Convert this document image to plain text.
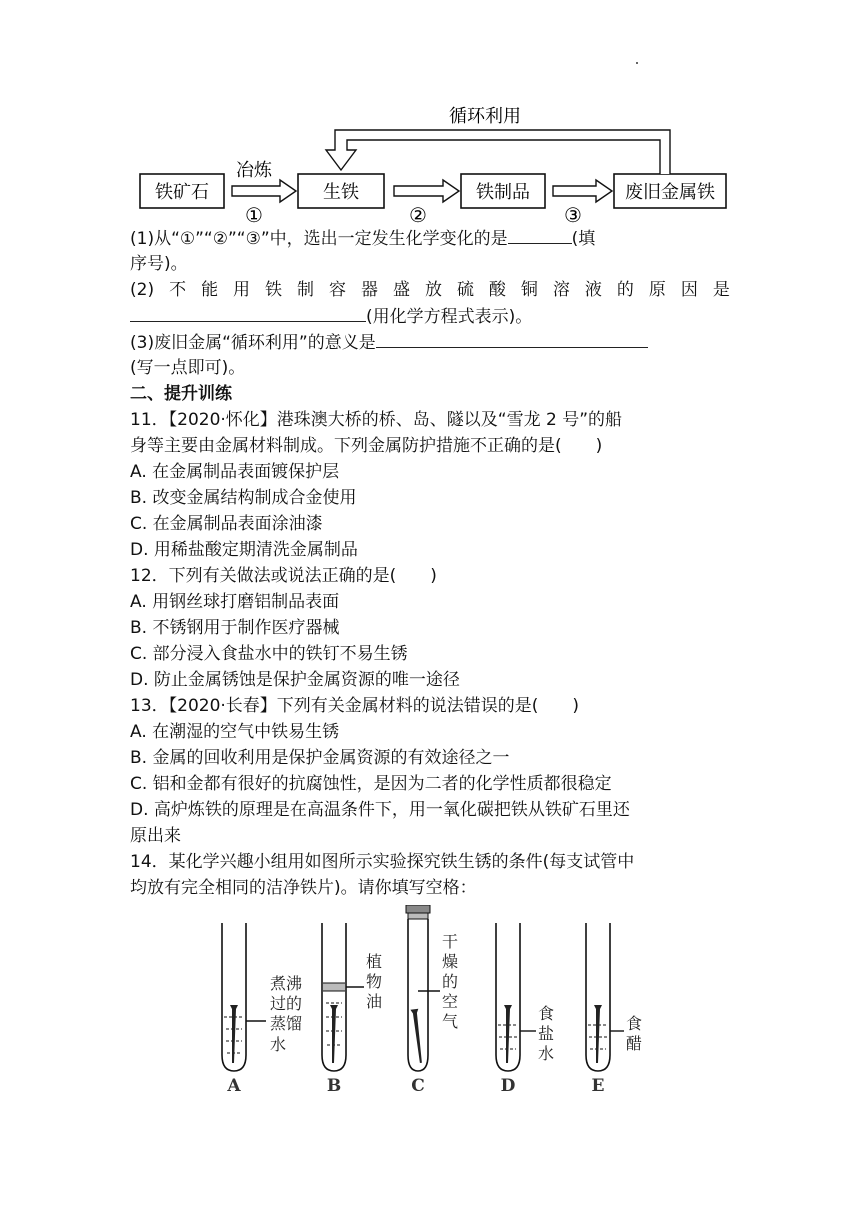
铁矿石	生铁	铁制品	废旧金属铁
循环利用
冶炼
①	②	③
(1)从“①”“②”“③”中，选出一定发生化学变化的是	(填
序号)。
(2) 不 能 用 铁 制 容 器 盛 放 硫 酸 铜 溶 液 的 原 因 是
(用化学方程式表示)。
(3)废旧金属“循环利用”的意义是
(写一点即可)。
二、提升训练
11．【2020·怀化】港珠澳大桥的桥、岛、隧以及“雪龙 2 号”的船
身等主要由金属材料制成。下列金属防护措施不正确的是(　　)
A. 在金属制品表面镀保护层
B. 改变金属结构制成合金使用
C. 在金属制品表面涂油漆
D. 用稀盐酸定期清洗金属制品
12．下列有关做法或说法正确的是(　　)
A. 用钢丝球打磨铝制品表面
B. 不锈钢用于制作医疗器械
C. 部分浸入食盐水中的铁钉不易生锈
D. 防止金属锈蚀是保护金属资源的唯一途径
13．【2020·长春】下列有关金属材料的说法错误的是(　　)
A. 在潮湿的空气中铁易生锈
B. 金属的回收利用是保护金属资源的有效途径之一
C. 铝和金都有很好的抗腐蚀性，是因为二者的化学性质都很稳定
D. 高炉炼铁的原理是在高温条件下，用一氧化碳把铁从铁矿石里还
原出来
14．某化学兴趣小组用如图所示实验探究铁生锈的条件(每支试管中
均放有完全相同的洁净铁片)。请你填写空格：
煮沸
过的
蒸馏
水
植
物
油
干
燥
的
空
气	食
盐
水
食
醋
A	B	C	D	E
